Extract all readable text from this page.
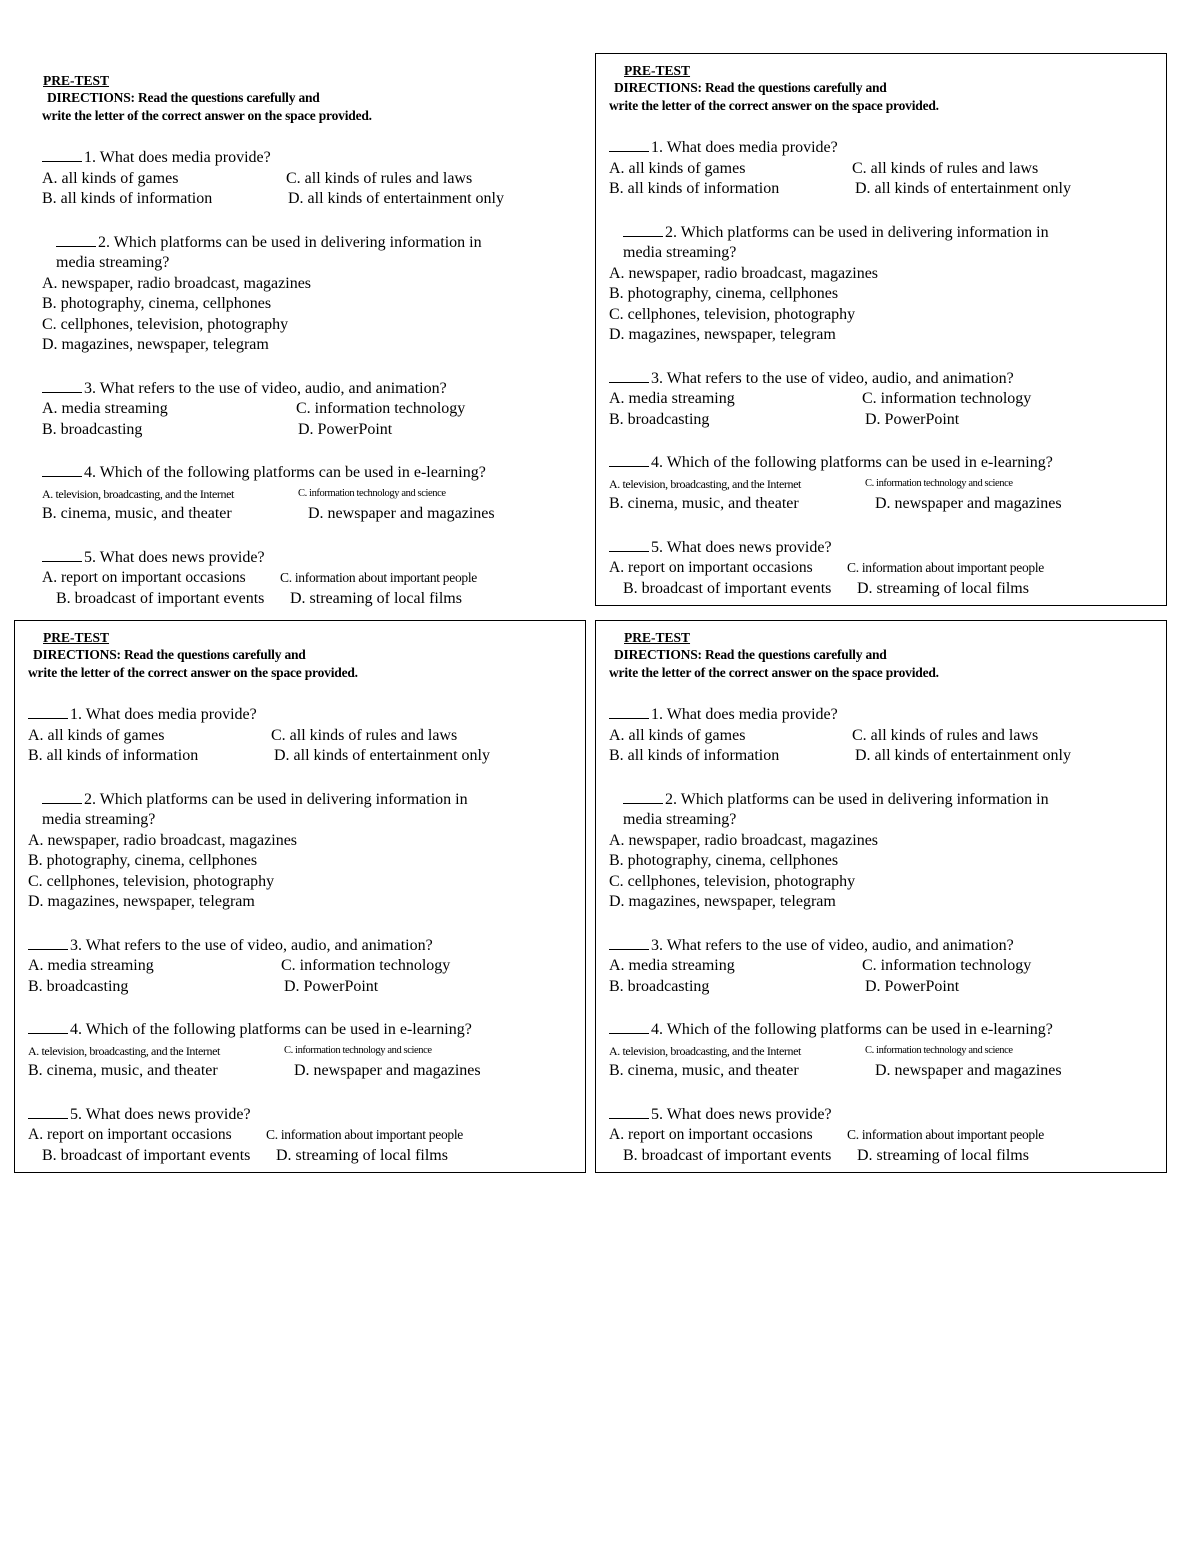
PRE-TEST
DIRECTIONS: Read the questions carefully and
write the letter of the correct answer on the space provided.
1. What does media provide?
A. all kinds of games	C. all kinds of rules and laws
B. all kinds of information	D. all kinds of entertainment only
2. Which platforms can be used in delivering information in
media streaming?
A. newspaper, radio broadcast, magazines
B. photography, cinema, cellphones
C. cellphones, television, photography
D. magazines, newspaper, telegram
3. What refers to the use of video, audio, and animation?
A. media streaming	C. information technology
B. broadcasting	D. PowerPoint
4. Which of the following platforms can be used in e-learning?
A. television, broadcasting, and the Internet	C. information technology and science
B. cinema, music, and theater	D. newspaper and magazines
5. What does news provide?
A. report on important occasions	C. information about important people
B. broadcast of important events D. streaming of local films
PRE-TEST
DIRECTIONS: Read the questions carefully and
write the letter of the correct answer on the space provided.
1. What does media provide?
A. all kinds of games	C. all kinds of rules and laws
B. all kinds of information	D. all kinds of entertainment only
2. Which platforms can be used in delivering information in
media streaming?
A. newspaper, radio broadcast, magazines
B. photography, cinema, cellphones
C. cellphones, television, photography
D. magazines, newspaper, telegram
3. What refers to the use of video, audio, and animation?
A. media streaming	C. information technology
B. broadcasting	D. PowerPoint
4. Which of the following platforms can be used in e-learning?
A. television, broadcasting, and the Internet	C. information technology and science
B. cinema, music, and theater	D. newspaper and magazines
5. What does news provide?
A. report on important occasions	C. information about important people
B. broadcast of important events D. streaming of local films
PRE-TEST
DIRECTIONS: Read the questions carefully and
write the letter of the correct answer on the space provided.
1. What does media provide?
A. all kinds of games	C. all kinds of rules and laws
B. all kinds of information	D. all kinds of entertainment only
2. Which platforms can be used in delivering information in
media streaming?
A. newspaper, radio broadcast, magazines
B. photography, cinema, cellphones
C. cellphones, television, photography
D. magazines, newspaper, telegram
3. What refers to the use of video, audio, and animation?
A. media streaming	C. information technology
B. broadcasting	D. PowerPoint
4. Which of the following platforms can be used in e-learning?
A. television, broadcasting, and the Internet	C. information technology and science
B. cinema, music, and theater	D. newspaper and magazines
5. What does news provide?
A. report on important occasions	C. information about important people
B. broadcast of important events D. streaming of local films
PRE-TEST
DIRECTIONS: Read the questions carefully and
write the letter of the correct answer on the space provided.
1. What does media provide?
A. all kinds of games	C. all kinds of rules and laws
B. all kinds of information	D. all kinds of entertainment only
2. Which platforms can be used in delivering information in
media streaming?
A. newspaper, radio broadcast, magazines
B. photography, cinema, cellphones
C. cellphones, television, photography
D. magazines, newspaper, telegram
3. What refers to the use of video, audio, and animation?
A. media streaming	C. information technology
B. broadcasting	D. PowerPoint
4. Which of the following platforms can be used in e-learning?
A. television, broadcasting, and the Internet	C. information technology and science
B. cinema, music, and theater	D. newspaper and magazines
5. What does news provide?
A. report on important occasions	C. information about important people
B. broadcast of important events D. streaming of local films
